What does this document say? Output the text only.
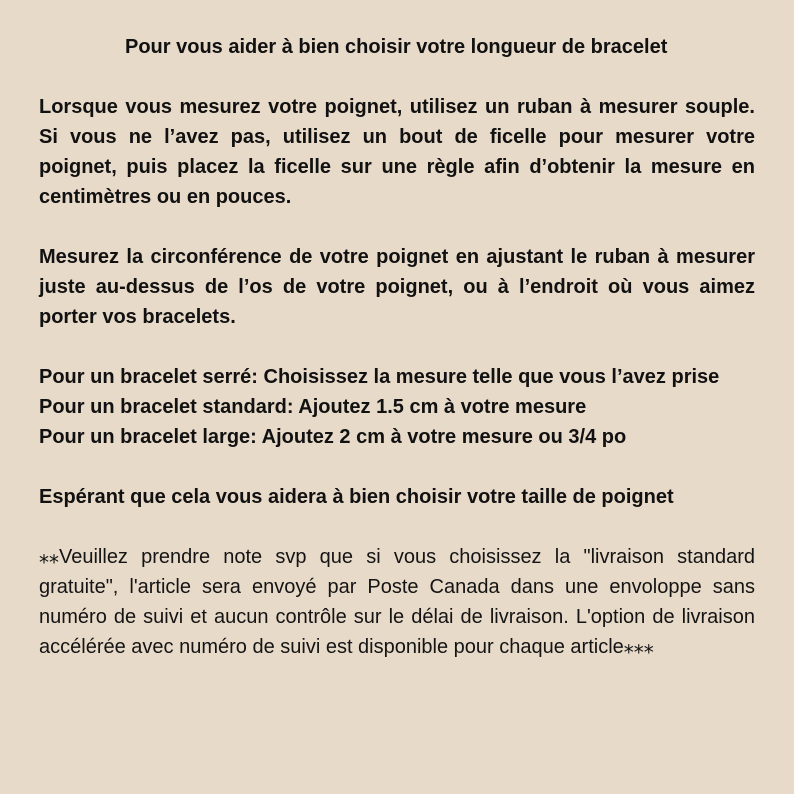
Pour vous aider à bien choisir votre longueur de bracelet

Lorsque vous mesurez votre poignet, utilisez un ruban à mesurer souple. Si vous ne l’avez pas, utilisez un bout de ficelle pour mesurer votre poignet, puis placez la ficelle sur une règle afin d’obtenir la mesure en centimètres ou en pouces.

Mesurez la circonférence de votre poignet en ajustant le ruban à mesurer juste au-dessus de l’os de votre poignet, ou à l’endroit où vous aimez porter vos bracelets.

Pour un bracelet serré: Choisissez la mesure telle que vous l’avez prise
Pour un bracelet standard: Ajoutez 1.5 cm à votre mesure
Pour un bracelet large: Ajoutez 2 cm à votre mesure ou 3/4 po

Espérant que cela vous aidera à bien choisir votre taille de poignet

⁎⁎Veuillez prendre note svp que si vous choisissez la "livraison standard gratuite", l'article sera envoyé par Poste Canada dans une envoloppe sans numéro de suivi et aucun contrôle sur le délai de livraison. L'option de livraison accélérée avec numéro de suivi est disponible pour chaque article⁎⁎⁎
